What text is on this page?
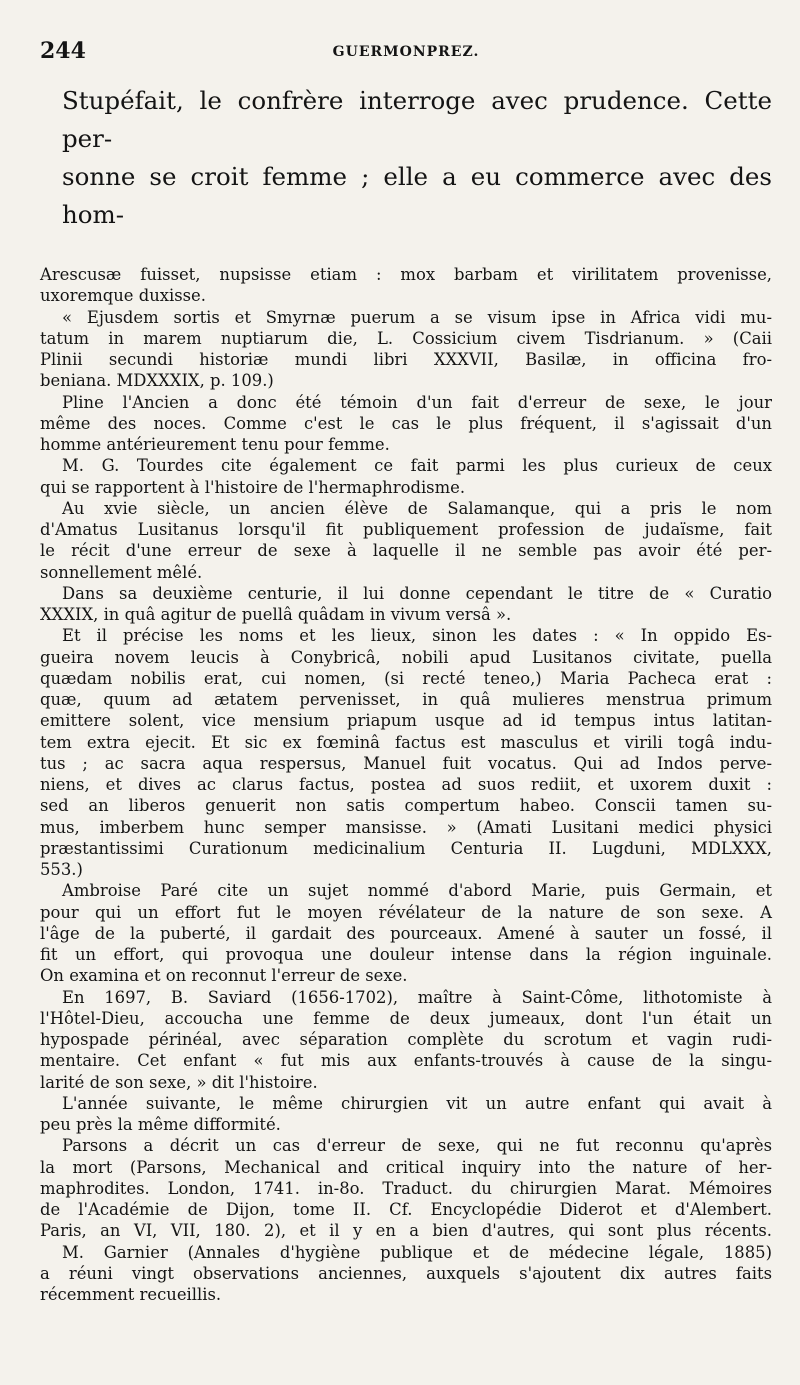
244	GUERMONPREZ.
Stupéfait, le confrère interroge avec prudence. Cette per-
sonne se croit femme ; elle a eu commerce avec des hom-
Arescusæ fuisset, nupsisse etiam : mox barbam et virilitatem provenisse,
uxoremque duxisse.
« Ejusdem sortis et Smyrnæ puerum a se visum ipse in Africa vidi mu-
tatum in marem nuptiarum die, L. Cossicium civem Tisdrianum. » (Caii
Plinii secundi historiæ mundi libri XXXVII, Basilæ, in officina fro-
beniana. MDXXXIX, p. 109.)
Pline l'Ancien a donc été témoin d'un fait d'erreur de sexe, le jour
même des noces. Comme c'est le cas le plus fréquent, il s'agissait d'un
homme antérieurement tenu pour femme.
M. G. Tourdes cite également ce fait parmi les plus curieux de ceux
qui se rapportent à l'histoire de l'hermaphrodisme.
Au xvie siècle, un ancien élève de Salamanque, qui a pris le nom
d'Amatus Lusitanus lorsqu'il fit publiquement profession de judaïsme, fait
le récit d'une erreur de sexe à laquelle il ne semble pas avoir été per-
sonnellement mêlé.
Dans sa deuxième centurie, il lui donne cependant le titre de « Curatio
XXXIX, in quâ agitur de puellâ quâdam in vivum versâ ».
Et il précise les noms et les lieux, sinon les dates : « In oppido Es-
gueira novem leucis à Conybricâ, nobili apud Lusitanos civitate, puella
quædam nobilis erat, cui nomen, (si recté teneo,) Maria Pacheca erat :
quæ, quum ad ætatem pervenisset, in quâ mulieres menstrua primum
emittere solent, vice mensium priapum usque ad id tempus intus latitan-
tem extra ejecit. Et sic ex fœminâ factus est masculus et virili togâ indu-
tus ; ac sacra aqua respersus, Manuel fuit vocatus. Qui ad Indos perve-
niens, et dives ac clarus factus, postea ad suos rediit, et uxorem duxit :
sed an liberos genuerit non satis compertum habeo. Conscii tamen su-
mus, imberbem hunc semper mansisse. » (Amati Lusitani medici physici
præstantissimi Curationum medicinalium Centuria II. Lugduni, MDLXXX,
553.)
Ambroise Paré cite un sujet nommé d'abord Marie, puis Germain, et
pour qui un effort fut le moyen révélateur de la nature de son sexe. A
l'âge de la puberté, il gardait des pourceaux. Amené à sauter un fossé, il
fit un effort, qui provoqua une douleur intense dans la région inguinale.
On examina et on reconnut l'erreur de sexe.
En 1697, B. Saviard (1656-1702), maître à Saint-Côme, lithotomiste à
l'Hôtel-Dieu, accoucha une femme de deux jumeaux, dont l'un était un
hypospade périnéal, avec séparation complète du scrotum et vagin rudi-
mentaire. Cet enfant « fut mis aux enfants-trouvés à cause de la singu-
larité de son sexe, » dit l'histoire.
L'année suivante, le même chirurgien vit un autre enfant qui avait à
peu près la même difformité.
Parsons a décrit un cas d'erreur de sexe, qui ne fut reconnu qu'après
la mort (Parsons, Mechanical and critical inquiry into the nature of her-
maphrodites. London, 1741. in-8o. Traduct. du chirurgien Marat. Mémoires
de l'Académie de Dijon, tome II. Cf. Encyclopédie Diderot et d'Alembert.
Paris, an VI, VII, 180. 2), et il y en a bien d'autres, qui sont plus récents.
M. Garnier (Annales d'hygiène publique et de médecine légale, 1885)
a réuni vingt observations anciennes, auxquels s'ajoutent dix autres faits
récemment recueillis.
